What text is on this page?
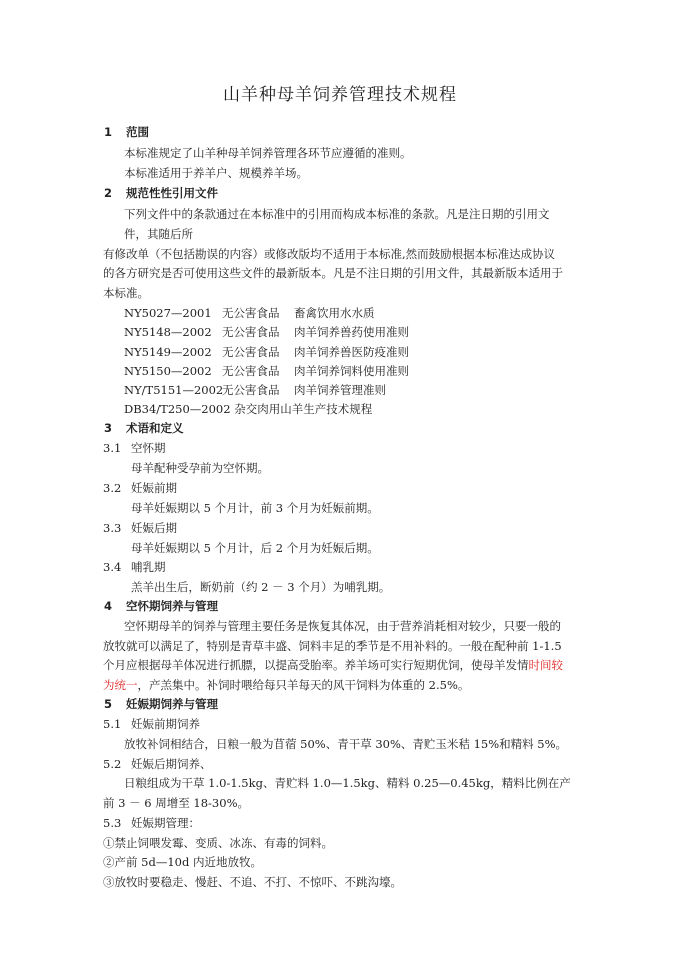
山羊种母羊饲养管理技术规程
1 范围
本标准规定了山羊种母羊饲养管理各环节应遵循的准则。
本标准适用于养羊户、规模养羊场。
2 规范性性引用文件
下列文件中的条款通过在本标准中的引用而构成本标准的条款。凡是注日期的引用文
件，其随后所
有修改单（不包括勘误的内容）或修改版均不适用于本标准,然而鼓励根据本标准达成协议
的各方研究是否可使用这些文件的最新版本。凡是不注日期的引用文件，其最新版本适用于
本标准。
NY5027—2001 无公害食品 畜禽饮用水水质
NY5148—2002 无公害食品 肉羊饲养兽药使用准则
NY5149—2002 无公害食品 肉羊饲养兽医防疫准则
NY5150—2002 无公害食品 肉羊饲养饲料使用准则
NY/T5151—2002无公害食品 肉羊饲养管理准则
DB34/T250—2002 杂交肉用山羊生产技术规程
3 术语和定义
3.1 空怀期
母羊配种受孕前为空怀期。
3.2 妊娠前期
母羊妊娠期以 5 个月计，前 3 个月为妊娠前期。
3.3 妊娠后期
母羊妊娠期以 5 个月计，后 2 个月为妊娠后期。
3.4 哺乳期
羔羊出生后，断奶前（约 2 － 3 个月）为哺乳期。
4 空怀期饲养与管理
空怀期母羊的饲养与管理主要任务是恢复其体况，由于营养消耗相对较少，只要一般的
放牧就可以满足了，特别是青草丰盛、饲料丰足的季节是不用补料的。一般在配种前 1-1.5
个月应根据母羊体况进行抓膘，以提高受胎率。养羊场可实行短期优饲，使母羊发情时间较
为统一，产羔集中。补饲时喂给每只羊每天的风干饲料为体重的 2.5%。
5 妊娠期饲养与管理
5.1 妊娠前期饲养
放牧补饲相结合，日粮一般为苜蓿 50%、青干草 30%、青贮玉米秸 15%和精料 5%。
5.2 妊娠后期饲养、
日粮组成为干草 1.0-1.5kg、青贮料 1.0—1.5kg、精料 0.25—0.45kg，精料比例在产
前 3 － 6 周增至 18-30%。
5.3 妊娠期管理：
①禁止饲喂发霉、变质、冰冻、有毒的饲料。
②产前 5d—10d 内近地放牧。
③放牧时要稳走、慢赶、不追、不打、不惊吓、不跳沟壕。
